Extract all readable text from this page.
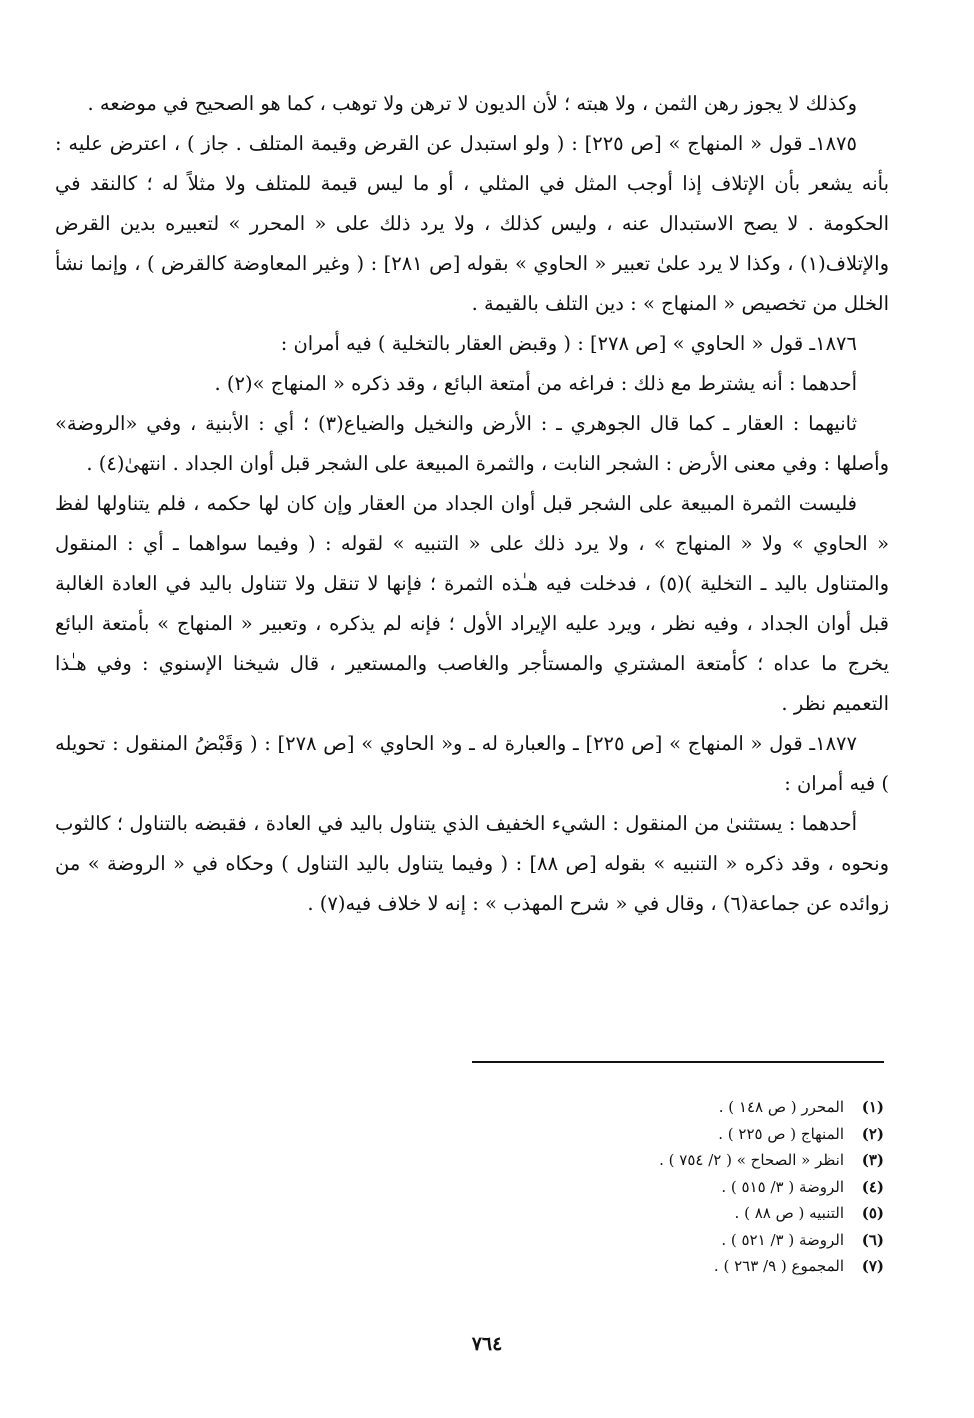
وكذلك لا يجوز رهن الثمن ، ولا هبته ؛ لأن الديون لا ترهن ولا توهب ، كما هو الصحيح في موضعه .

١٨٧٥ـ قول « المنهاج » [ص ٢٢٥] : ( ولو استبدل عن القرض وقيمة المتلف . جاز ) ، اعترض عليه : بأنه يشعر بأن الإتلاف إذا أوجب المثل في المثلي ، أو ما ليس قيمة للمتلف ولا مثلاً له ؛ كالنقد في الحكومة . لا يصح الاستبدال عنه ، وليس كذلك ، ولا يرد ذلك على « المحرر » لتعبيره بدين القرض والإتلاف(١) ، وكذا لا يرد علىٰ تعبير « الحاوي » بقوله [ص ٢٨١] : ( وغير المعاوضة كالقرض ) ، وإنما نشأ الخلل من تخصيص « المنهاج » : دين التلف بالقيمة .

١٨٧٦ـ قول « الحاوي » [ص ٢٧٨] : ( وقبض العقار بالتخلية ) فيه أمران :

أحدهما : أنه يشترط مع ذلك : فراغه من أمتعة البائع ، وقد ذكره « المنهاج »(٢) .

ثانيهما : العقار ـ كما قال الجوهري ـ : الأرض والنخيل والضياع(٣) ؛ أي : الأبنية ، وفي «الروضة» وأصلها : وفي معنى الأرض : الشجر النابت ، والثمرة المبيعة على الشجر قبل أوان الجداد . انتهىٰ(٤) .

فليست الثمرة المبيعة على الشجر قبل أوان الجداد من العقار وإن كان لها حكمه ، فلم يتناولها لفظ « الحاوي » ولا « المنهاج » ، ولا يرد ذلك على « التنبيه » لقوله : ( وفيما سواهما ـ أي : المنقول والمتناول باليد ـ التخلية )(٥) ، فدخلت فيه هـٰذه الثمرة ؛ فإنها لا تنقل ولا تتناول باليد في العادة الغالبة قبل أوان الجداد ، وفيه نظر ، ويرد عليه الإيراد الأول ؛ فإنه لم يذكره ، وتعبير « المنهاج » بأمتعة البائع يخرج ما عداه ؛ كأمتعة المشتري والمستأجر والغاصب والمستعير ، قال شيخنا الإسنوي : وفي هـٰذا التعميم نظر .

١٨٧٧ـ قول « المنهاج » [ص ٢٢٥] ـ والعبارة له ـ و« الحاوي » [ص ٢٧٨] : ( وَقَبْضُ المنقول : تحويله ) فيه أمران :

أحدهما : يستثنىٰ من المنقول : الشيء الخفيف الذي يتناول باليد في العادة ، فقبضه بالتناول ؛ كالثوب ونحوه ، وقد ذكره « التنبيه » بقوله [ص ٨٨] : ( وفيما يتناول باليد التناول ) وحكاه في « الروضة » من زوائده عن جماعة(٦) ، وقال في « شرح المهذب » : إنه لا خلاف فيه(٧) .

(١)المحرر ( ص ١٤٨ ) .

(٢)المنهاج ( ص ٢٢٥ ) .

(٣)انظر « الصحاح » ( ٢/ ٧٥٤ ) .

(٤)الروضة ( ٣/ ٥١٥ ) .

(٥)التنبيه ( ص ٨٨ ) .

(٦)الروضة ( ٣/ ٥٢١ ) .

(٧)المجموع ( ٩/ ٢٦٣ ) .

٧٦٤
